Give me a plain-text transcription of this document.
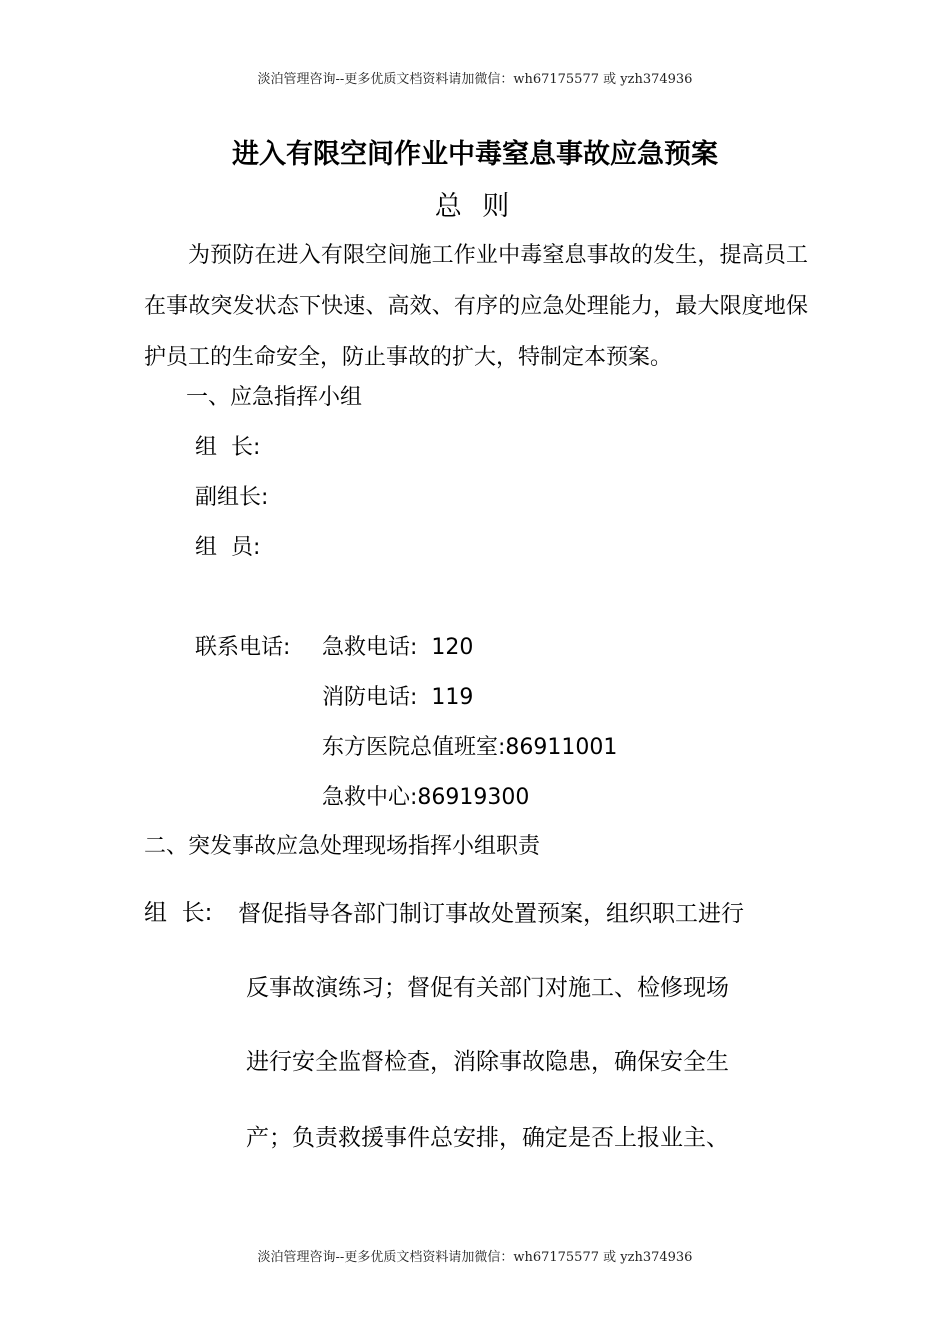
淡泊管理咨询--更多优质文档资料请加微信：wh67175577 或 yzh374936
进入有限空间作业中毒窒息事故应急预案
总 则

为预防在进入有限空间施工作业中毒窒息事故的发生，提高员工在事故突发状态下快速、高效、有序的应急处理能力，最大限度地保护员工的生命安全，防止事故的扩大，特制定本预案。

一、应急指挥小组
组  长:
副组长:
组  员:
联系电话: 急救电话:  120
消防电话:  119
东方医院总值班室:86911001
急救中心:86919300
二、突发事故应急处理现场指挥小组职责
组  长: 督促指导各部门制订事故处置预案，组织职工进行
反事故演练习；督促有关部门对施工、检修现场
进行安全监督检查，消除事故隐患，确保安全生
产；负责救援事件总安排，确定是否上报业主、
淡泊管理咨询--更多优质文档资料请加微信：wh67175577 或 yzh374936
